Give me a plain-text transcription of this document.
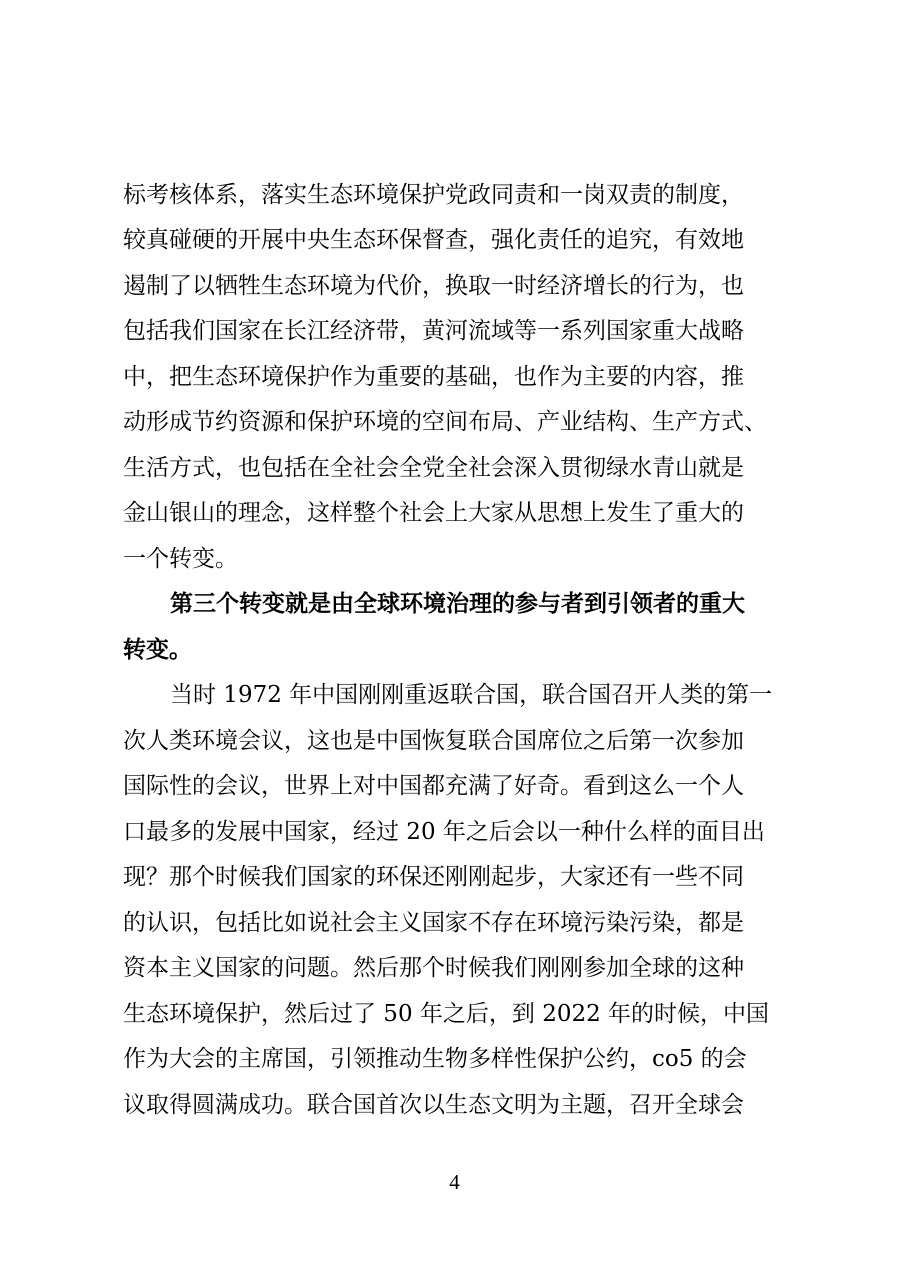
标考核体系，落实生态环境保护党政同责和一岗双责的制度，
较真碰硬的开展中央生态环保督查，强化责任的追究，有效地
遏制了以牺牲生态环境为代价，换取一时经济增长的行为，也
包括我们国家在长江经济带，黄河流域等一系列国家重大战略
中，把生态环境保护作为重要的基础，也作为主要的内容，推
动形成节约资源和保护环境的空间布局、产业结构、生产方式、
生活方式，也包括在全社会全党全社会深入贯彻绿水青山就是
金山银山的理念，这样整个社会上大家从思想上发生了重大的
一个转变。
第三个转变就是由全球环境治理的参与者到引领者的重大
转变。
当时 1972 年中国刚刚重返联合国，联合国召开人类的第一
次人类环境会议，这也是中国恢复联合国席位之后第一次参加
国际性的会议，世界上对中国都充满了好奇。看到这么一个人
口最多的发展中国家，经过 20 年之后会以一种什么样的面目出
现？那个时候我们国家的环保还刚刚起步，大家还有一些不同
的认识，包括比如说社会主义国家不存在环境污染污染，都是
资本主义国家的问题。然后那个时候我们刚刚参加全球的这种
生态环境保护，然后过了 50 年之后，到 2022 年的时候，中国
作为大会的主席国，引领推动生物多样性保护公约，co5 的会
议取得圆满成功。联合国首次以生态文明为主题，召开全球会
4
